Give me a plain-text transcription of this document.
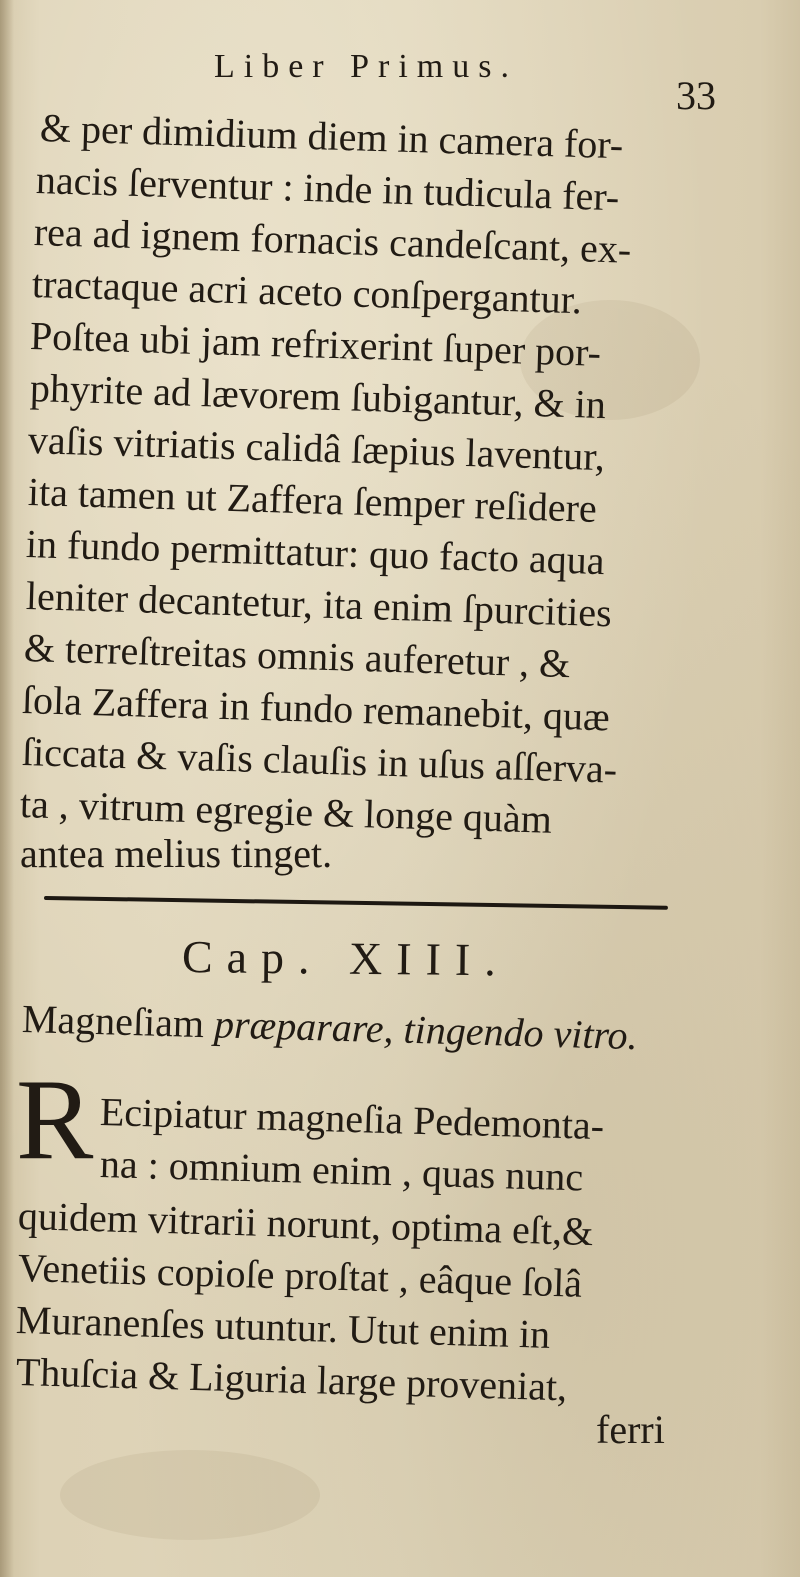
Liber Primus.
33
& per dimidium diem in camera for-
nacis ſerventur : inde in tudicula fer-
rea ad ignem fornacis candeſcant, ex-
tractaque acri aceto conſpergantur.
Poſtea ubi jam refrixerint ſuper por-
phyrite ad lævorem ſubigantur, & in
vaſis vitriatis calidâ ſæpius laventur,
ita tamen ut Zaffera ſemper reſidere
in fundo permittatur: quo facto aqua
leniter decantetur, ita enim ſpurcities
& terreſtreitas omnis auferetur , &
ſola Zaffera in fundo remanebit, quæ
ſiccata & vaſis clauſis in uſus aſſerva-
ta , vitrum egregie & longe quàm
antea melius tinget.
Cap. XIII.
Magneſiam præparare, tingendo vitro.
R Ecipiatur magneſia Pedemonta-
na : omnium enim , quas nunc
quidem vitrarii norunt, optima eſt,&
Venetiis copioſe proſtat , eâque ſolâ
Muranenſes utuntur. Utut enim in
Thuſcia & Liguria large proveniat,
ferri
